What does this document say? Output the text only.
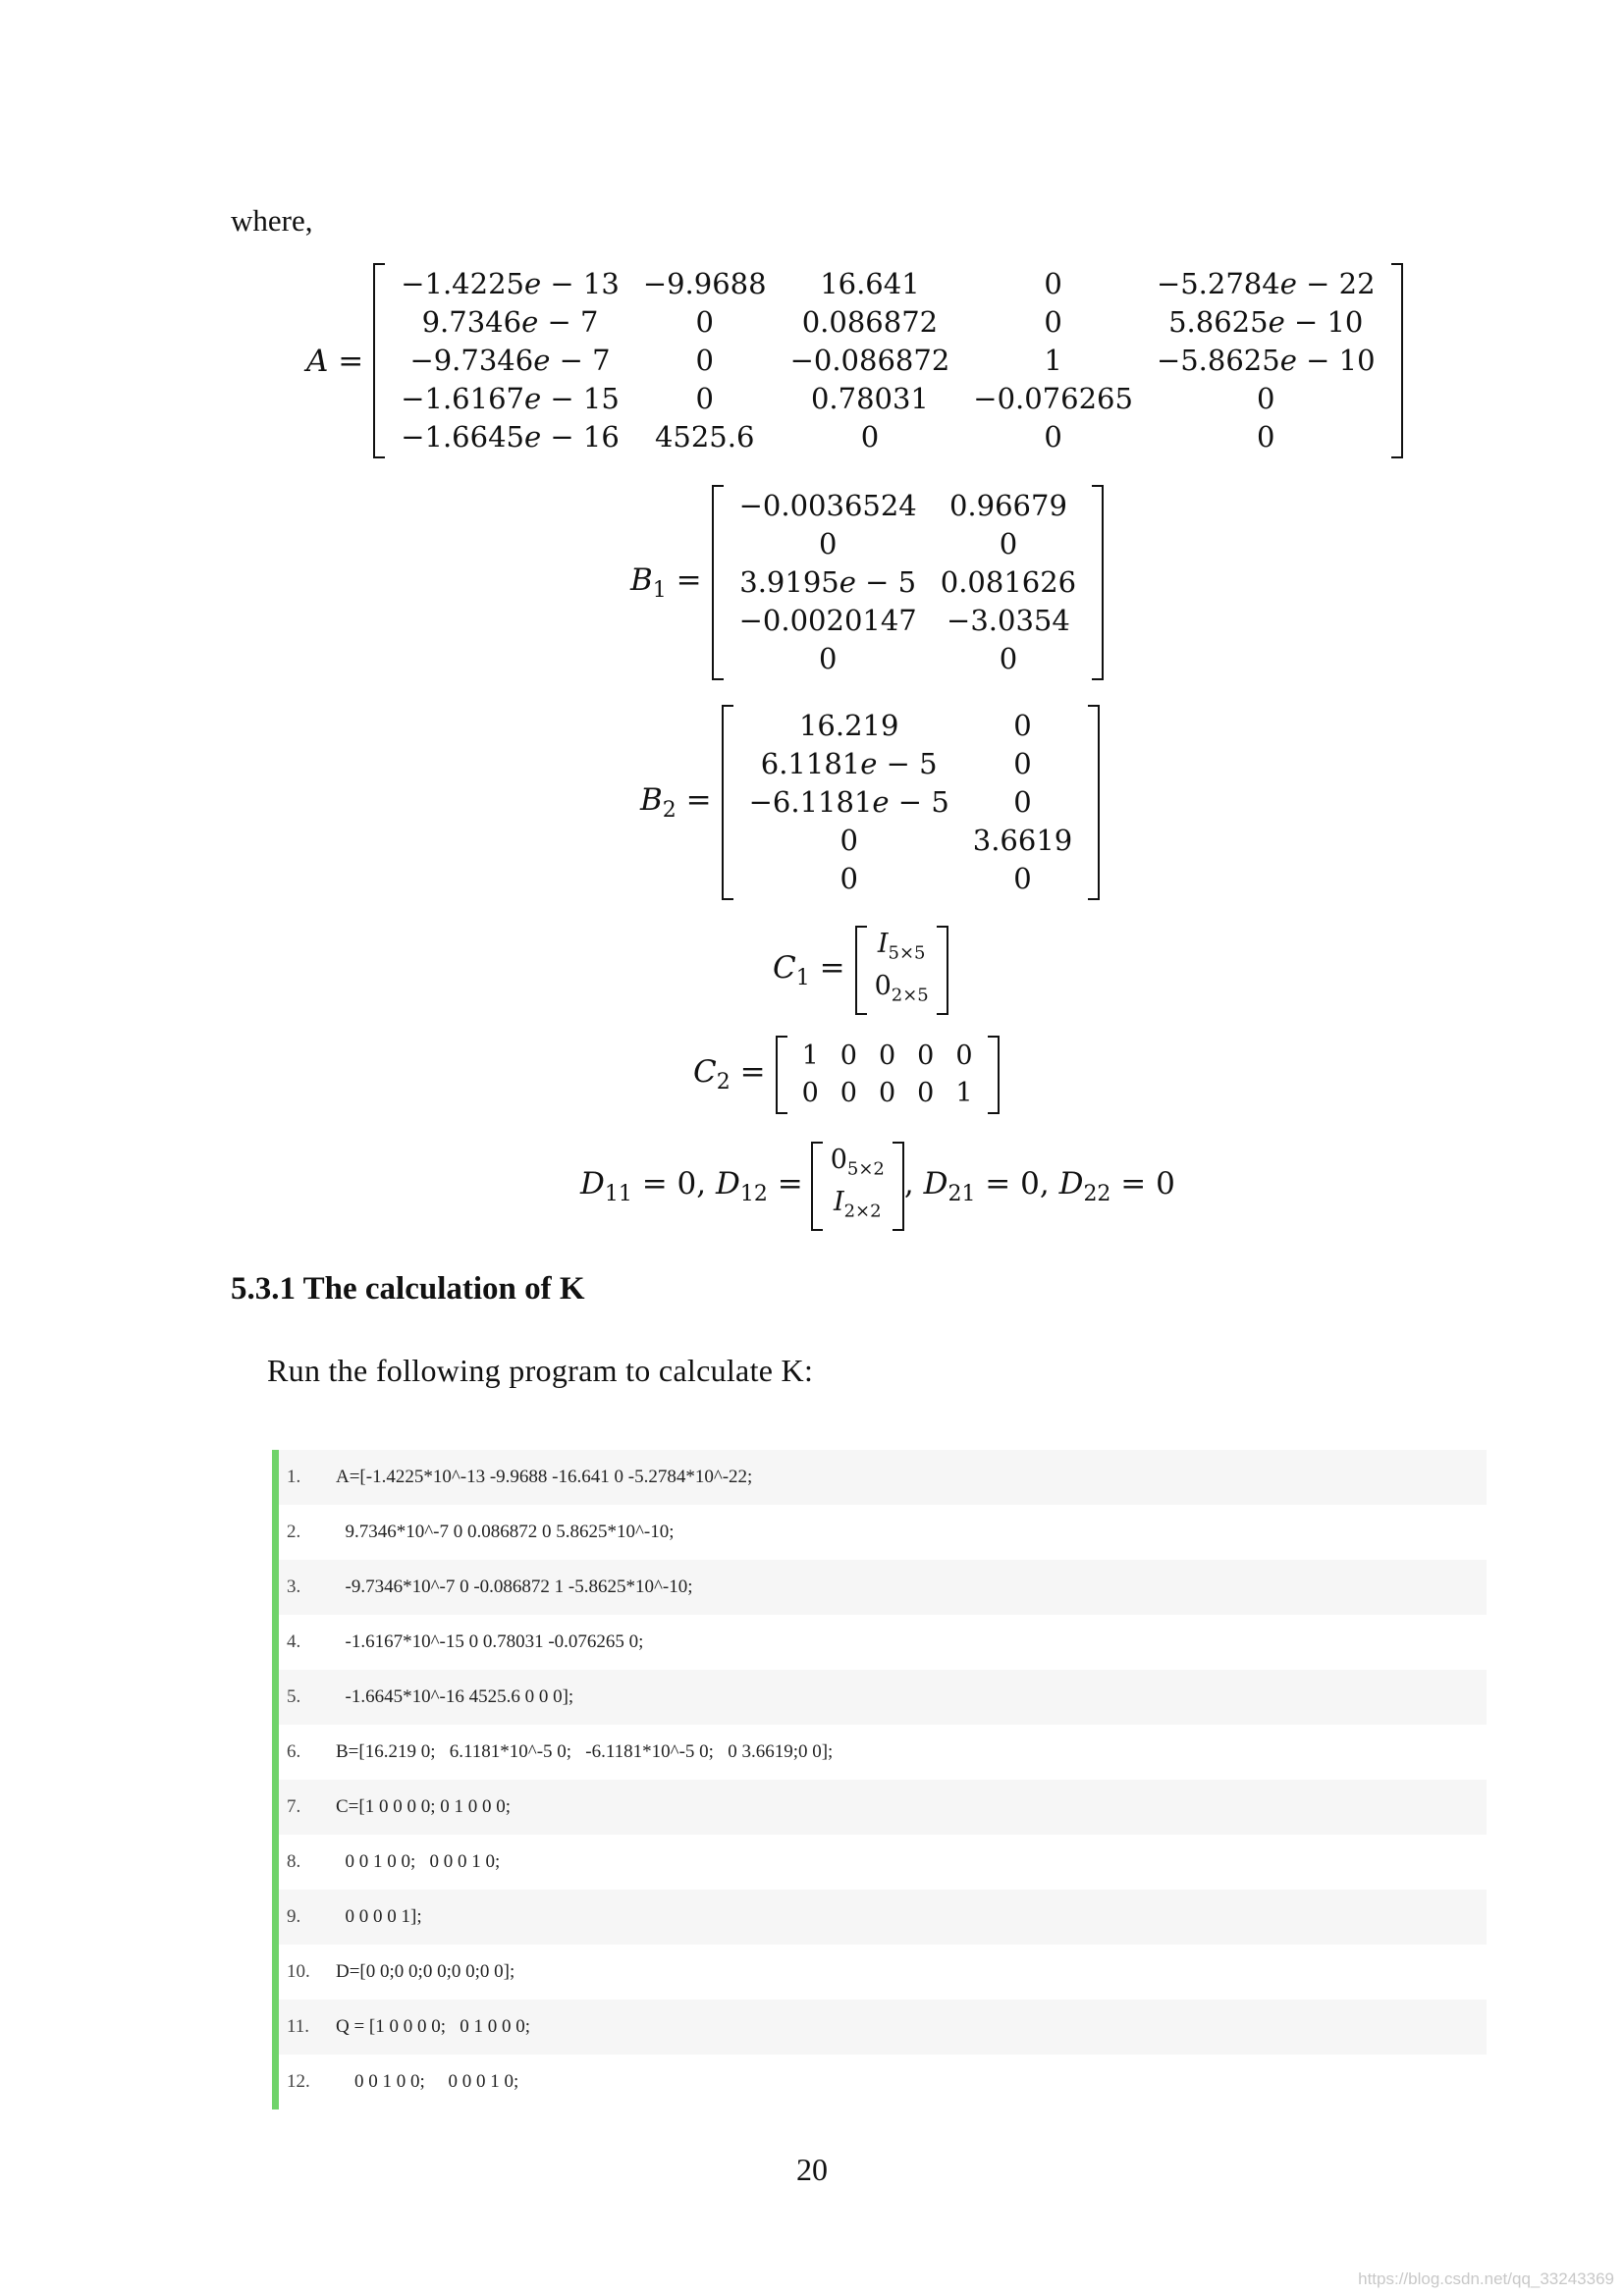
where,
A =
−1.4225e − 13	−9.9688	16.641	0	−5.2784e − 22
9.7346e − 7	0	0.086872	0	5.8625e − 10
−9.7346e − 7	0	−0.086872	1	−5.8625e − 10
−1.6167e − 15	0	0.78031	−0.076265	0
−1.6645e − 16	4525.6	0	0	0
$B_1$ =
−0.0036524	0.96679
0	0
3.9195e − 5	0.081626
−0.0020147	−3.0354
0	0
$B_2$ =
16.219	0
6.1181e − 5	0
−6.1181e − 5	0
0	3.6619
0	0
$C_1$ =
$I_{5\times 5}$
$0_{2\times 5}$
$C_2 = 1$	0	0	0	0
0	0	0	0	1
$D_{11} = 0$, $D_{12}$ =
$0_{5\times 2}$
$I_{2\times 2}$
, $D_{21} = 0$, $D_{22} = 0$
5.3.1 The calculation of K
Run the following program to calculate K:
1.	A=[-1.4225*10^-13 -9.9688 -16.641 0 -5.2784*10^-22;
2.	9.7346*10^-7 0 0.086872 0 5.8625*10^-10;
3.	-9.7346*10^-7 0 -0.086872 1 -5.8625*10^-10;
4.	-1.6167*10^-15 0 0.78031 -0.076265 0;
5.	-1.6645*10^-16 4525.6 0 0 0];
6.	B=[16.219 0;   6.1181*10^-5 0;   -6.1181*10^-5 0;   0 3.6619;0 0];
7.	C=[1 0 0 0 0; 0 1 0 0 0;
8.	0 0 1 0 0;   0 0 0 1 0;
9.	0 0 0 0 1];
10.	D=[0 0;0 0;0 0;0 0;0 0];
11.	Q = [1 0 0 0 0;   0 1 0 0 0;
12.	0 0 1 0 0;     0 0 0 1 0;
20
https://blog.csdn.net/qq_33243369
